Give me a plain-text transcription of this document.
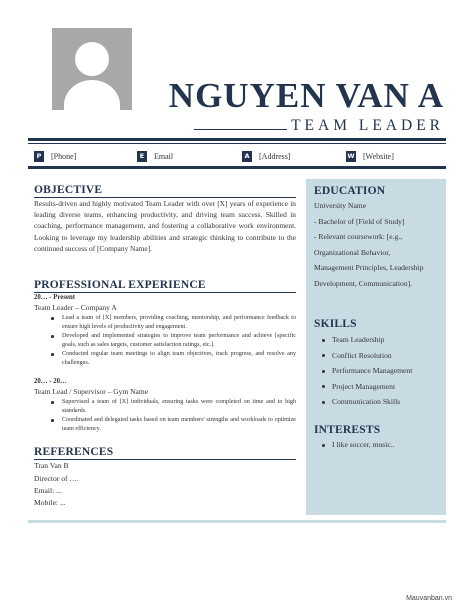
NGUYEN VAN A
TEAM LEADER
P	[Phone]	E	Email	A	[Address]	W [Website]
OBJECTIVE
Results-driven and highly motivated Team Leader with over [X] years of experience in leading diverse teams, enhancing productivity, and driving team success. Skilled in coaching, performance management, and fostering a collaborative work environment. Looking to leverage my leadership abilities and strategic thinking to contribute to the continued success of [Company Name].
PROFESSIONAL EXPERIENCE
20… - Present
Team Leader – Company A
Lead a team of [X] members, providing coaching, mentorship, and performance feedback to ensure high levels of productivity and engagement.
Developed and implemented strategies to improve team performance and achieve [specific goals, such as sales targets, customer satisfaction ratings, etc.].
Conducted regular team meetings to align team objectives, track progress, and resolve any challenges.
20… - 20…
Team Lead / Supervisor – Gym Name
Supervised a team of [X] individuals, ensuring tasks were completed on time and to high standards.
Coordinated and delegated tasks based on team members' strengths and workloads to optimize team efficiency.
REFERENCES
Tran Van B
Director of ….
Email: ...
Mobile: ...
EDUCATION
University Name
- Bachelor of [Field of Study]
- Relevant coursework: [e.g.,
Organizational Behavior,
Management Principles, Leadership
Development, Communication].
SKILLS
Team Leadership
Conflict Resolution
Performance Management
Project Management
Communication Skills
INTERESTS
I like soccer, music..
Mauvanban.vn
